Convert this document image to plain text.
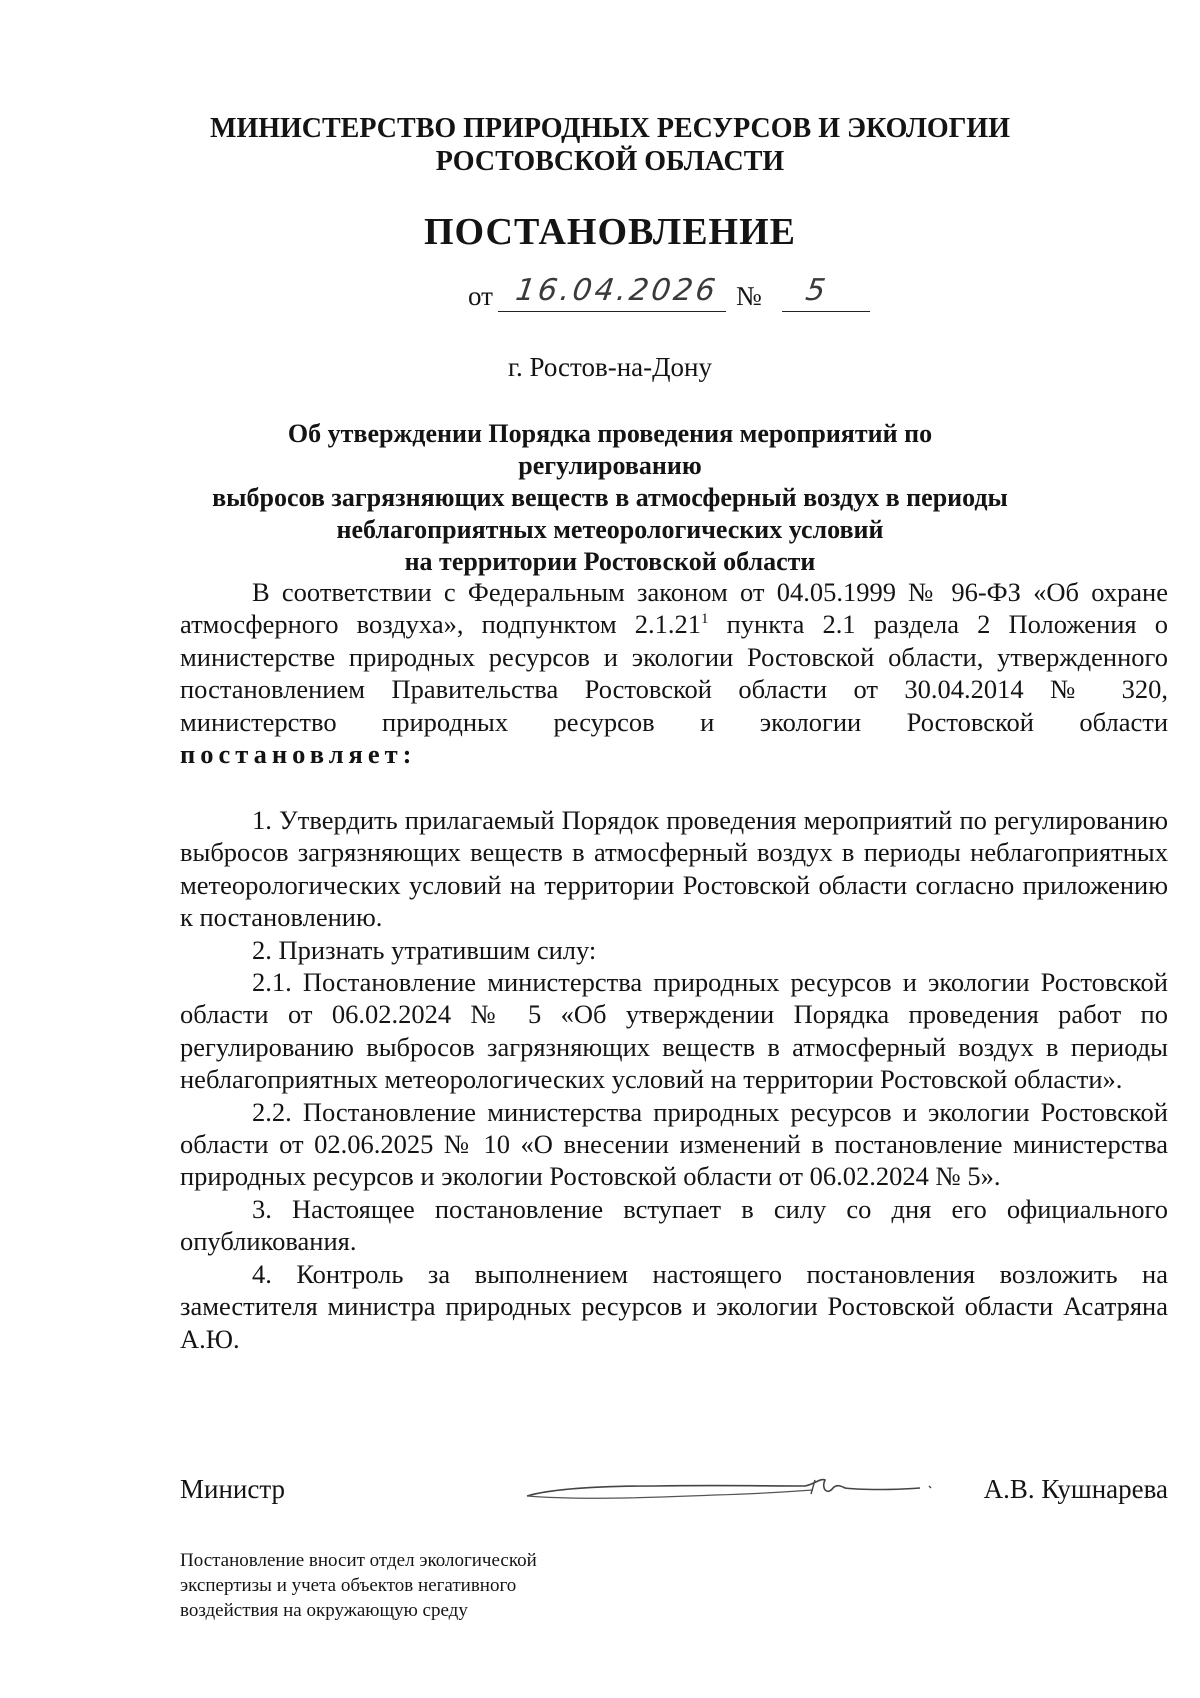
МИНИСТЕРСТВО ПРИРОДНЫХ РЕСУРСОВ И ЭКОЛОГИИ
РОСТОВСКОЙ ОБЛАСТИ
ПОСТАНОВЛЕНИЕ
от 16.04.2026 № 5
г. Ростов-на-Дону
Об утверждении Порядка проведения мероприятий по регулированию
выбросов загрязняющих веществ в атмосферный воздух в периоды
неблагоприятных метеорологических условий
на территории Ростовской области

В соответствии с Федеральным законом от 04.05.1999 № 96-ФЗ «Об охране атмосферного воздуха», подпунктом 2.1.21$^1$ пункта 2.1 раздела 2 Положения о министерстве природных ресурсов и экологии Ростовской области, утвержденного постановлением Правительства Ростовской области от 30.04.2014 № 320, министерство природных ресурсов и экологии Ростовской области постановляет:

1. Утвердить прилагаемый Порядок проведения мероприятий по регулированию выбросов загрязняющих веществ в атмосферный воздух в периоды неблагоприятных метеорологических условий на территории Ростовской области согласно приложению к постановлению.

2. Признать утратившим силу:

2.1. Постановление министерства природных ресурсов и экологии Ростовской области от 06.02.2024 № 5 «Об утверждении Порядка проведения работ по регулированию выбросов загрязняющих веществ в атмосферный воздух в периоды неблагоприятных метеорологических условий на территории Ростовской области».

2.2. Постановление министерства природных ресурсов и экологии Ростовской области от 02.06.2025 № 10 «О внесении изменений в постановление министерства природных ресурсов и экологии Ростовской области от 06.02.2024 № 5».

3. Настоящее постановление вступает в силу со дня его официального опубликования.

4. Контроль за выполнением настоящего постановления возложить на заместителя министра природных ресурсов и экологии Ростовской области Асатряна А.Ю.

Министр	А.В. Кушнарева
Постановление вносит отдел экологической
экспертизы и учета объектов негативного
воздействия на окружающую среду
